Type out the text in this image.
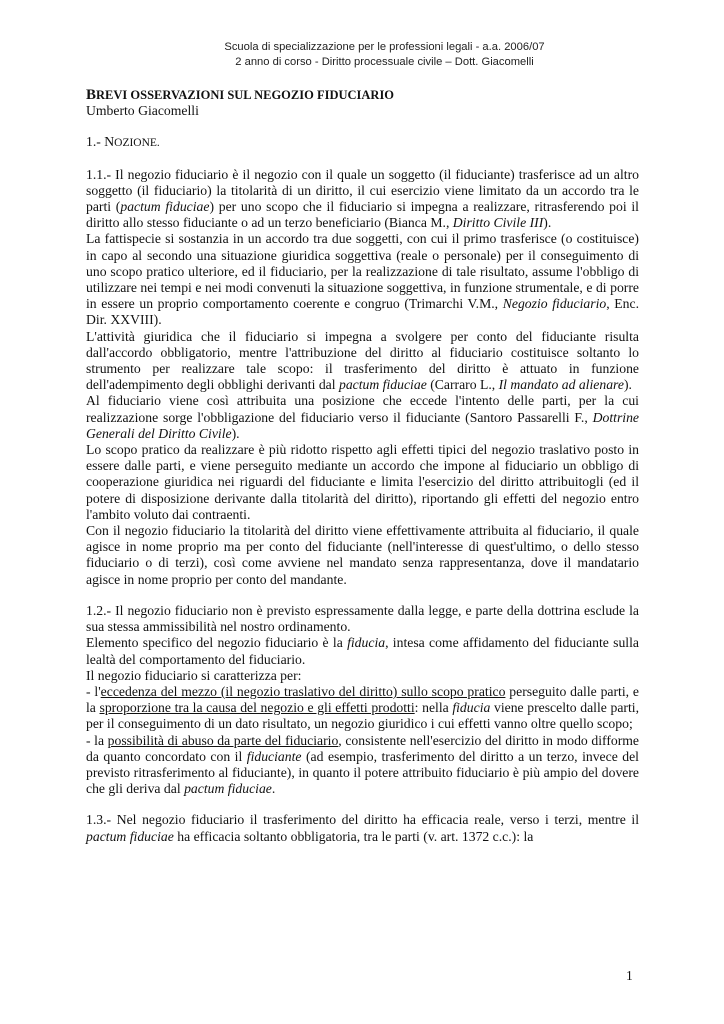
Scuola di specializzazione per le professioni legali - a.a. 2006/07
2 anno di corso - Diritto processuale civile – Dott. Giacomelli
BREVI OSSERVAZIONI SUL NEGOZIO FIDUCIARIO
Umberto Giacomelli
1.- NOZIONE.
1.1.- Il negozio fiduciario è il negozio con il quale un soggetto (il fiduciante) trasferisce ad un altro soggetto (il fiduciario) la titolarità di un diritto, il cui esercizio viene limitato da un accordo tra le parti (pactum fiduciae) per uno scopo che il fiduciario si impegna a realizzare, ritrasferendo poi il diritto allo stesso fiduciante o ad un terzo beneficiario (Bianca M., Diritto Civile III).
La fattispecie si sostanzia in un accordo tra due soggetti, con cui il primo trasferisce (o costituisce) in capo al secondo una situazione giuridica soggettiva (reale o personale) per il conseguimento di uno scopo pratico ulteriore, ed il fiduciario, per la realizzazione di tale risultato, assume l'obbligo di utilizzare nei tempi e nei modi convenuti la situazione soggettiva, in funzione strumentale, e di porre in essere un proprio comportamento coerente e congruo (Trimarchi V.M., Negozio fiduciario, Enc. Dir. XXVIII).
L'attività giuridica che il fiduciario si impegna a svolgere per conto del fiduciante risulta dall'accordo obbligatorio, mentre l'attribuzione del diritto al fiduciario costituisce soltanto lo strumento per realizzare tale scopo: il trasferimento del diritto è attuato in funzione dell'adempimento degli obblighi derivanti dal pactum fiduciae (Carraro L., Il mandato ad alienare).
Al fiduciario viene così attribuita una posizione che eccede l'intento delle parti, per la cui realizzazione sorge l'obbligazione del fiduciario verso il fiduciante (Santoro Passarelli F., Dottrine Generali del Diritto Civile).
Lo scopo pratico da realizzare è più ridotto rispetto agli effetti tipici del negozio traslativo posto in essere dalle parti, e viene perseguito mediante un accordo che impone al fiduciario un obbligo di cooperazione giuridica nei riguardi del fiduciante e limita l'esercizio del diritto attribuitogli (ed il potere di disposizione derivante dalla titolarità del diritto), riportando gli effetti del negozio entro l'ambito voluto dai contraenti.
Con il negozio fiduciario la titolarità del diritto viene effettivamente attribuita al fiduciario, il quale agisce in nome proprio ma per conto del fiduciante (nell'interesse di quest'ultimo, o dello stesso fiduciario o di terzi), così come avviene nel mandato senza rappresentanza, dove il mandatario agisce in nome proprio per conto del mandante.
1.2.- Il negozio fiduciario non è previsto espressamente dalla legge, e parte della dottrina esclude la sua stessa ammissibilità nel nostro ordinamento.
Elemento specifico del negozio fiduciario è la fiducia, intesa come affidamento del fiduciante sulla lealtà del comportamento del fiduciario.
Il negozio fiduciario si caratterizza per:
- l'eccedenza del mezzo (il negozio traslativo del diritto) sullo scopo pratico perseguito dalle parti, e la sproporzione tra la causa del negozio e gli effetti prodotti: nella fiducia viene prescelto dalle parti, per il conseguimento di un dato risultato, un negozio giuridico i cui effetti vanno oltre quello scopo;
- la possibilità di abuso da parte del fiduciario, consistente nell'esercizio del diritto in modo difforme da quanto concordato con il fiduciante (ad esempio, trasferimento del diritto a un terzo, invece del previsto ritrasferimento al fiduciante), in quanto il potere attribuito fiduciario è più ampio del dovere che gli deriva dal pactum fiduciae.
1.3.- Nel negozio fiduciario il trasferimento del diritto ha efficacia reale, verso i terzi, mentre il pactum fiduciae ha efficacia soltanto obbligatoria, tra le parti (v. art. 1372 c.c.): la
1
